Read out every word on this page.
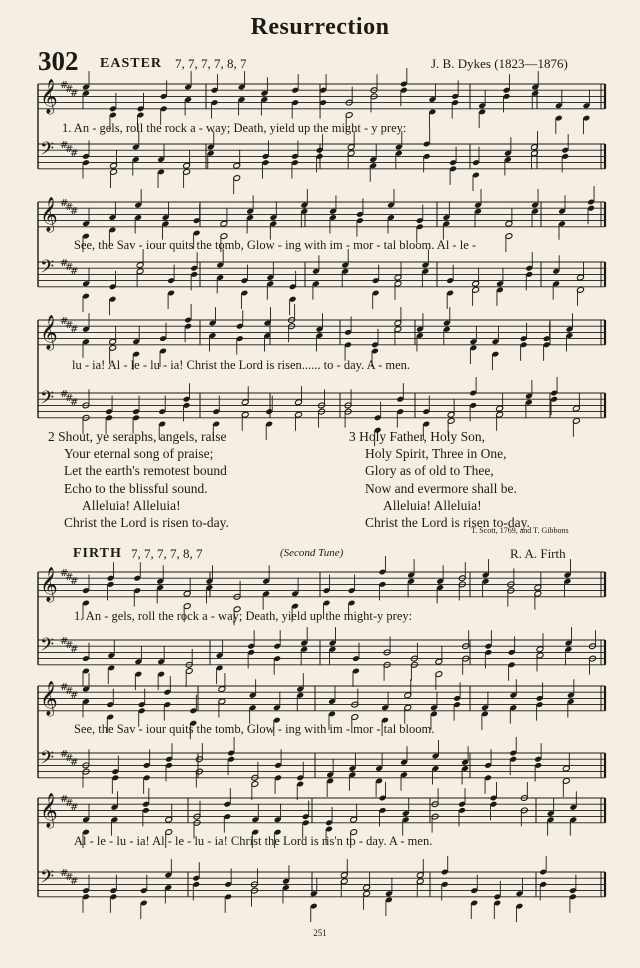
𝄞 #
#
#
𝄢 #
#
#
𝄞 #
#
#
𝄢 #
#
#
𝄞 #
#
#
𝄢 #
#
#
𝄞 #
#
#
𝄢 #
#
#
𝄞 #
#
#
𝄢 #
#
#
𝄞 #
#
#
𝄢 #
#
#
Resurrection
302 EASTER 7, 7, 7, 7, 8, 7	J. B. Dykes (1823—1876)
1. An - gels, roll the rock a - way; Death, yield up the might - y prey:
See, the Sav - iour quits the tomb, Glow - ing with im - mor - tal bloom. Al - le -
lu - ia! Al - le - lu - ia! Christ the Lord is risen...... to - day. A - men.
2 Shout, ye seraphs, angels, raise
Your eternal song of praise;
Let the earth's remotest bound
Echo to the blissful sound.
Alleluia! Alleluia!
Christ the Lord is risen to-day.
3 Holy Father, Holy Son,
Holy Spirit, Three in One,
Glory as of old to Thee,
Now and evermore shall be.
Alleluia! Alleluia!
Christ the Lord is risen to-day.
T. Scott, 1769, and T. Gibbons
FIRTH 7, 7, 7, 7, 8, 7	(Second Tune)	R. A. Firth
1. An - gels, roll the rock a - way; Death, yield up the might-y prey:
See, the Sav - iour quits the tomb, Glow - ing with im - mor - tal bloom.
Al - le - lu - ia! Al - le - lu - ia! Christ the Lord is ris'n to - day. A - men.
251
